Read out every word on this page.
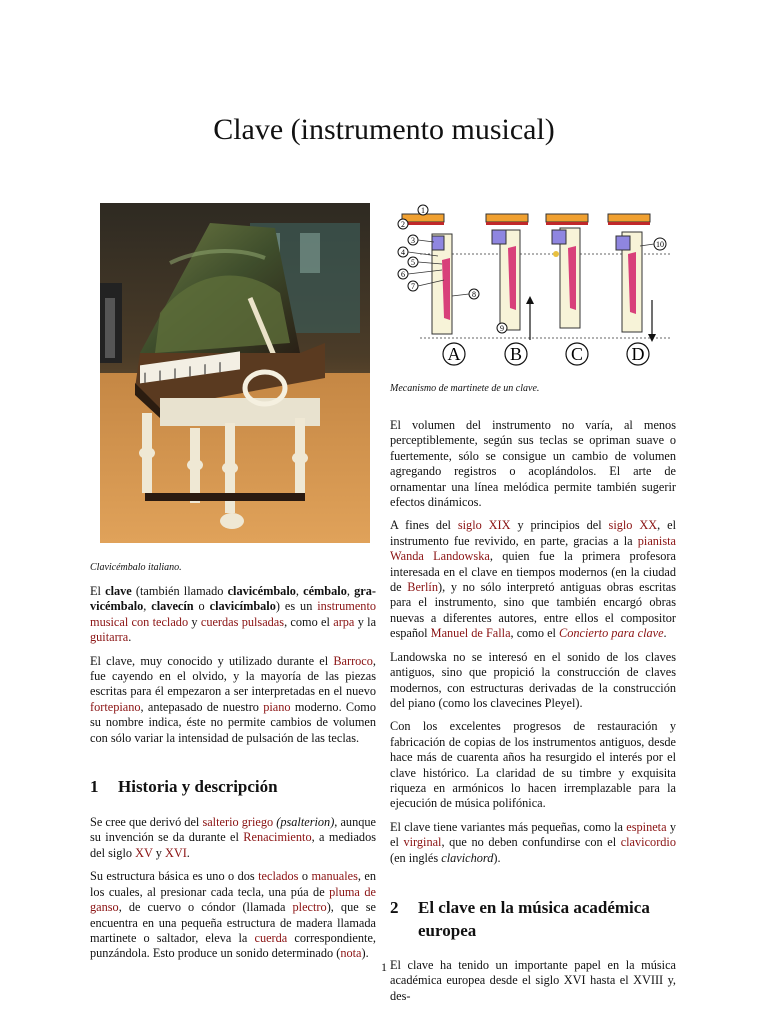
Clave (instrumento musical)
Clavicémbalo italiano.

El clave (también llamado clavicémbalo, cémbalo, gravicémbalo, clavecín o clavicímbalo) es un instrumento musical con teclado y cuerdas pulsadas, como el arpa y la guitarra.

El clave, muy conocido y utilizado durante el Barroco, fue cayendo en el olvido, y la mayoría de las piezas escritas para él empezaron a ser interpretadas en el nuevo fortepiano, antepasado de nuestro piano moderno. Como su nombre indica, éste no permite cambios de volumen con sólo variar la intensidad de pulsación de las teclas.

1 Historia y descripción

Se cree que derivó del salterio griego (psalterion), aunque su invención se da durante el Renacimiento, a mediados del siglo XV y XVI.

Su estructura básica es uno o dos teclados o manuales, en los cuales, al presionar cada tecla, una púa de pluma de ganso, de cuervo o cóndor (llamada plectro), que se encuentra en una pequeña estructura de madera llamada martinete o saltador, eleva la cuerda correspondiente, punzándola. Esto produce un sonido determinado (nota).

1
2
3
4
5
6
7
8
9
10
A	B	C	D
Mecanismo de martinete de un clave.

El volumen del instrumento no varía, al menos perceptiblemente, según sus teclas se opriman suave o fuertemente, sólo se consigue un cambio de volumen agregando registros o acoplándolos. El arte de ornamentar una línea melódica permite también sugerir efectos dinámicos.

A fines del siglo XIX y principios del siglo XX, el instrumento fue revivido, en parte, gracias a la pianista Wanda Landowska, quien fue la primera profesora interesada en el clave en tiempos modernos (en la ciudad de Berlín), y no sólo interpretó antiguas obras escritas para el instrumento, sino que también encargó obras nuevas a diferentes autores, entre ellos el compositor español Manuel de Falla, como el Concierto para clave.

Landowska no se interesó en el sonido de los claves antiguos, sino que propició la construcción de claves modernos, con estructuras derivadas de la construcción del piano (como los clavecines Pleyel).

Con los excelentes progresos de restauración y fabricación de copias de los instrumentos antiguos, desde hace más de cuarenta años ha resurgido el interés por el clave histórico. La claridad de su timbre y exquisita riqueza en armónicos lo hacen irremplazable para la ejecución de música polifónica.

El clave tiene variantes más pequeñas, como la espineta y el virginal, que no deben confundirse con el clavicordio (en inglés clavichord).

2 El clave en la música académica
europea

El clave ha tenido un importante papel en la música académica europea desde el siglo XVI hasta el XVIII y, des-

1
